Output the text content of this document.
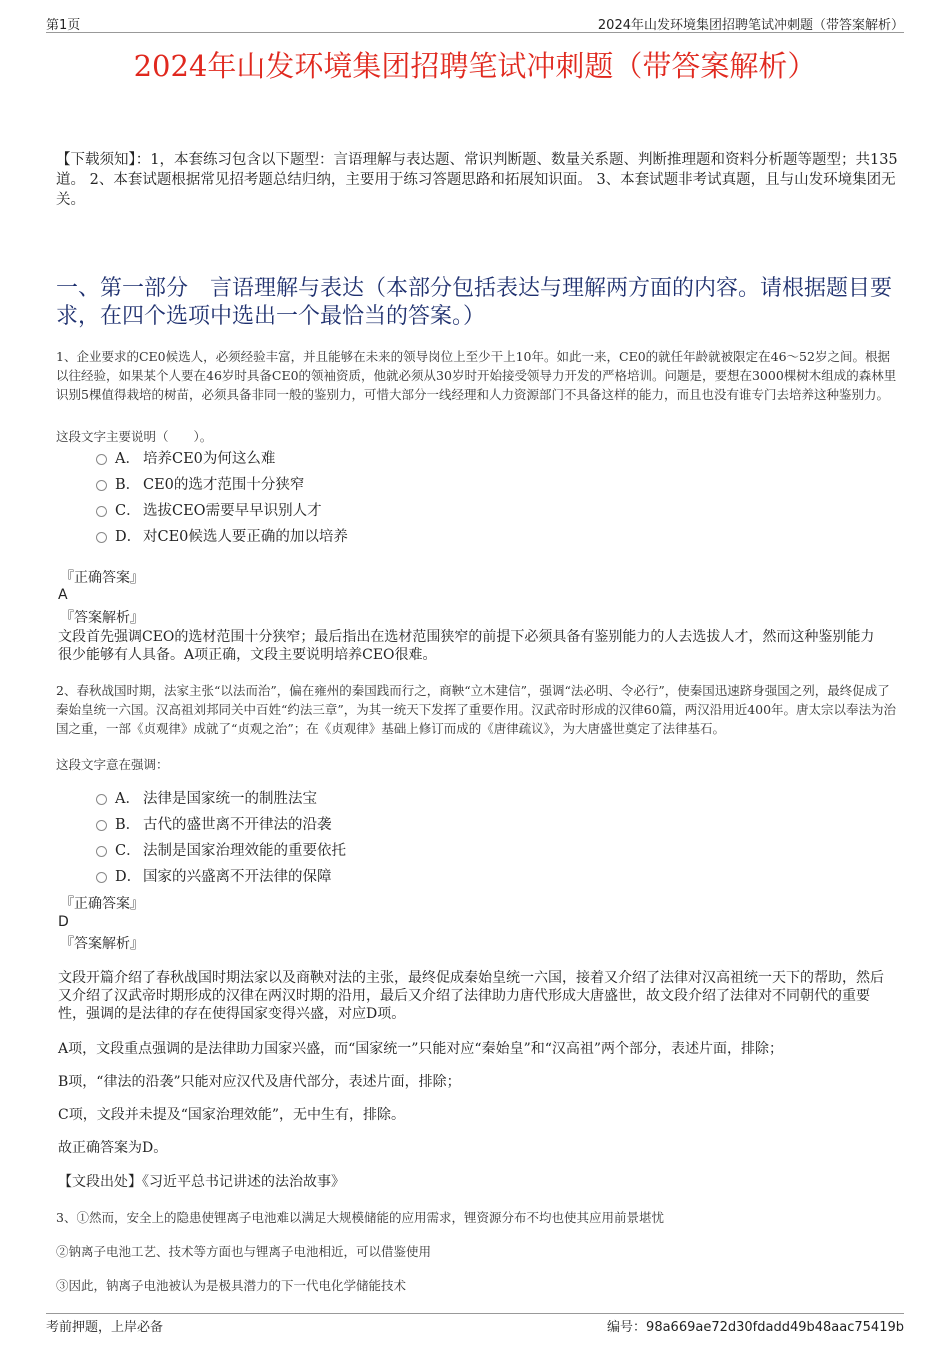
第1页	2024年山发环境集团招聘笔试冲刺题（带答案解析）
2024年山发环境集团招聘笔试冲刺题（带答案解析）
【下载须知】：1，本套练习包含以下题型：言语理解与表达题、常识判断题、数量关系题、判断推理题和资料分析题等题型；共135道。 2、本套试题根据常见招考题总结归纳，主要用于练习答题思路和拓展知识面。 3、本套试题非考试真题，且与山发环境集团无关。
一、第一部分　言语理解与表达（本部分包括表达与理解两方面的内容。请根据题目要求，在四个选项中选出一个最恰当的答案。）
1、企业要求的CE0候选人，必须经验丰富，并且能够在未来的领导岗位上至少干上10年。如此一来，CE0的就任年龄就被限定在46～52岁之间。根据以往经验，如果某个人要在46岁时具备CE0的领袖资质，他就必须从30岁时开始接受领导力开发的严格培训。问题是，要想在3000棵树木组成的森林里识别5棵值得栽培的树苗，必须具备非同一般的鉴别力，可惜大部分一线经理和人力资源部门不具备这样的能力，而且也没有谁专门去培养这种鉴别力。
这段文字主要说明（　　）。
A． 培养CE0为何这么难
B． CE0的选才范围十分狭窄
C． 选拔CEO需要早早识别人才
D． 对CE0候选人要正确的加以培养
『正确答案』
A
『答案解析』
文段首先强调CEO的选材范围十分狭窄；最后指出在选材范围狭窄的前提下必须具备有鉴别能力的人去选拔人才，然而这种鉴别能力很少能够有人具备。A项正确，文段主要说明培养CEO很难。
2、春秋战国时期，法家主张“以法而治”，偏在雍州的秦国践而行之，商鞅“立木建信”，强调“法必明、令必行”，使秦国迅速跻身强国之列，最终促成了秦始皇统一六国。汉高祖刘邦同关中百姓“约法三章”，为其一统天下发挥了重要作用。汉武帝时形成的汉律60篇，两汉沿用近400年。唐太宗以奉法为治国之重，一部《贞观律》成就了“贞观之治”；在《贞观律》基础上修订而成的《唐律疏议》，为大唐盛世奠定了法律基石。
这段文字意在强调：
A． 法律是国家统一的制胜法宝
B． 古代的盛世离不开律法的沿袭
C． 法制是国家治理效能的重要依托
D． 国家的兴盛离不开法律的保障
『正确答案』
D
『答案解析』
文段开篇介绍了春秋战国时期法家以及商鞅对法的主张，最终促成秦始皇统一六国，接着又介绍了法律对汉高祖统一天下的帮助，然后又介绍了汉武帝时期形成的汉律在两汉时期的沿用，最后又介绍了法律助力唐代形成大唐盛世，故文段介绍了法律对不同朝代的重要性，强调的是法律的存在使得国家变得兴盛，对应D项。
A项，文段重点强调的是法律助力国家兴盛，而“国家统一”只能对应“秦始皇”和“汉高祖”两个部分，表述片面，排除；
B项，“律法的沿袭”只能对应汉代及唐代部分，表述片面，排除；
C项，文段并未提及“国家治理效能”，无中生有，排除。
故正确答案为D。
【文段出处】《习近平总书记讲述的法治故事》
3、①然而，安全上的隐患使锂离子电池难以满足大规模储能的应用需求，锂资源分布不均也使其应用前景堪忧
②钠离子电池工艺、技术等方面也与锂离子电池相近，可以借鉴使用
③因此，钠离子电池被认为是极具潜力的下一代电化学储能技术
考前押题，上岸必备	编号：98a669ae72d30fdadd49b48aac75419b
